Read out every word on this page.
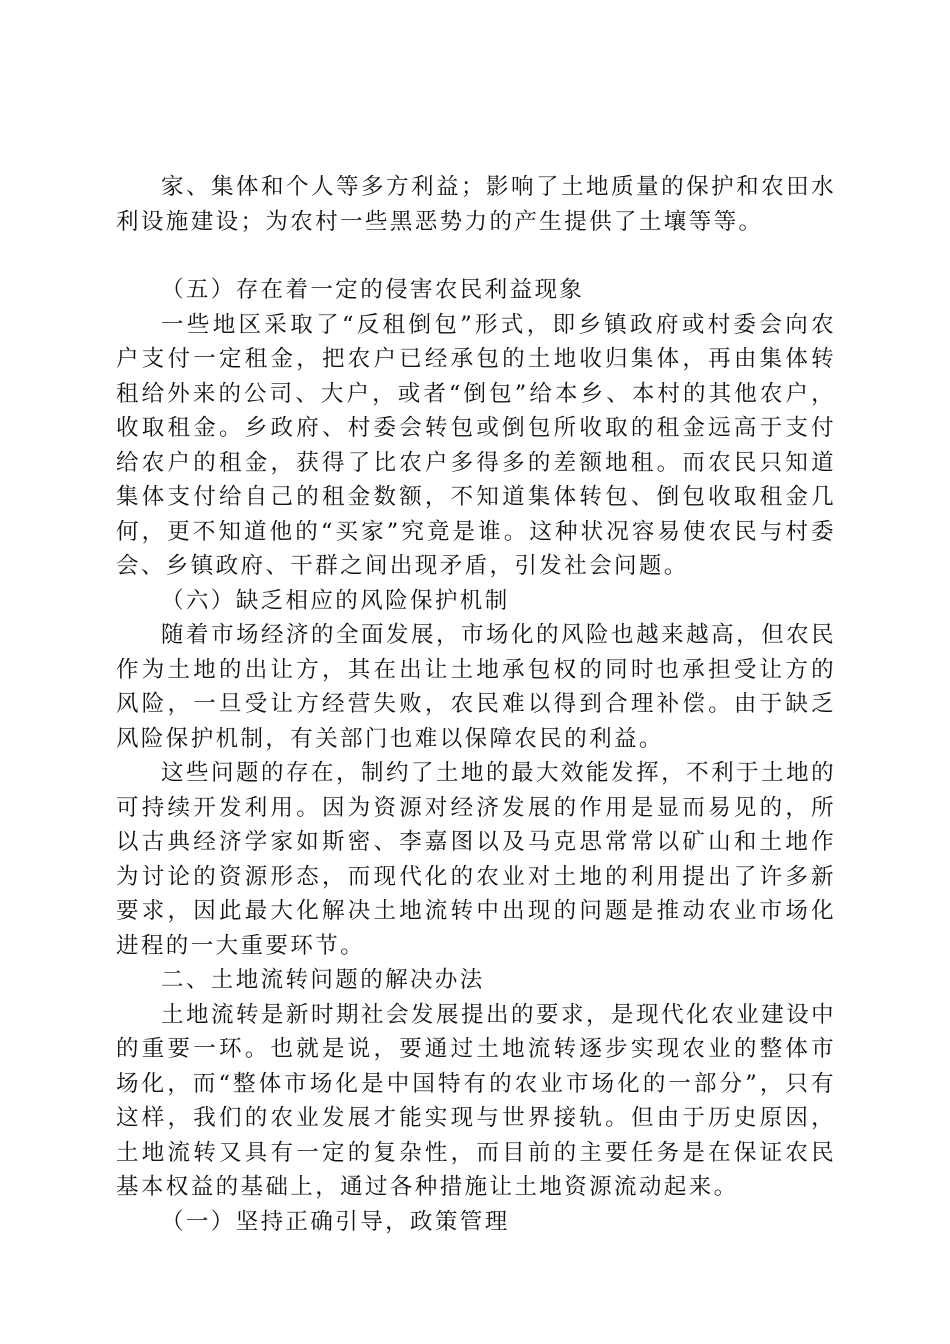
家、集体和个人等多方利益；影响了土地质量的保护和农田水利设施建设；为农村一些黑恶势力的产生提供了土壤等等。

（五）存在着一定的侵害农民利益现象

一些地区采取了“反租倒包”形式，即乡镇政府或村委会向农户支付一定租金，把农户已经承包的土地收归集体，再由集体转租给外来的公司、大户，或者“倒包”给本乡、本村的其他农户，收取租金。乡政府、村委会转包或倒包所收取的租金远高于支付给农户的租金，获得了比农户多得多的差额地租。而农民只知道集体支付给自己的租金数额，不知道集体转包、倒包收取租金几何，更不知道他的“买家”究竟是谁。这种状况容易使农民与村委会、乡镇政府、干群之间出现矛盾，引发社会问题。

（六）缺乏相应的风险保护机制

随着市场经济的全面发展，市场化的风险也越来越高，但农民作为土地的出让方，其在出让土地承包权的同时也承担受让方的风险，一旦受让方经营失败，农民难以得到合理补偿。由于缺乏风险保护机制，有关部门也难以保障农民的利益。

这些问题的存在，制约了土地的最大效能发挥，不利于土地的可持续开发利用。因为资源对经济发展的作用是显而易见的，所以古典经济学家如斯密、李嘉图以及马克思常常以矿山和土地作为讨论的资源形态，而现代化的农业对土地的利用提出了许多新要求，因此最大化解决土地流转中出现的问题是推动农业市场化进程的一大重要环节。

二、土地流转问题的解决办法

土地流转是新时期社会发展提出的要求，是现代化农业建设中的重要一环。也就是说，要通过土地流转逐步实现农业的整体市场化，而“整体市场化是中国特有的农业市场化的一部分”，只有这样，我们的农业发展才能实现与世界接轨。但由于历史原因，土地流转又具有一定的复杂性，而目前的主要任务是在保证农民基本权益的基础上，通过各种措施让土地资源流动起来。

（一）坚持正确引导，政策管理
